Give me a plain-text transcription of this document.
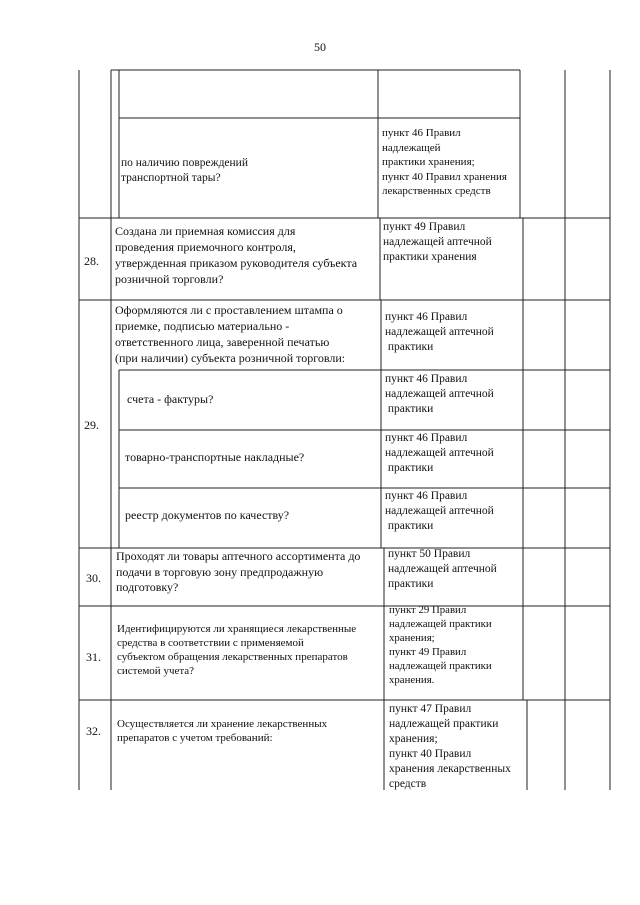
50
по наличию повреждений
транспортной тары?
пункт 46 Правил
надлежащей
практики хранения;
пункт 40 Правил хранения
лекарственных средств
28.
Создана ли приемная комиссия для
проведения приемочного контроля,
утвержденная приказом руководителя субъекта
розничной торговли?
пункт 49 Правил
надлежащей аптечной
практики хранения
29.
Оформляются ли с проставлением штампа о
приемке, подписью материально -
ответственного лица, заверенной печатью
(при наличии) субъекта розничной торговли:
пункт 46 Правил
надлежащей аптечной
практики
счета - фактуры?
пункт 46 Правил
надлежащей аптечной
практики
товарно-транспортные накладные?
пункт 46 Правил
надлежащей аптечной
практики
реестр документов по качеству?
пункт 46 Правил
надлежащей аптечной
практики
30.
Проходят ли товары аптечного ассортимента до
подачи в торговую зону предпродажную
подготовку?
пункт 50 Правил
надлежащей аптечной
практики
31.
Идентифицируются ли хранящиеся лекарственные
средства в соответствии с применяемой
субъектом обращения лекарственных препаратов
системой учета?
пункт 29 Правил
надлежащей практики
хранения;
пункт 49 Правил
надлежащей практики
хранения.
32.	Осуществляется ли хранение лекарственных
препаратов с учетом требований:
пункт 47 Правил
надлежащей практики
хранения;
пункт 40 Правил
хранения лекарственных
средств
